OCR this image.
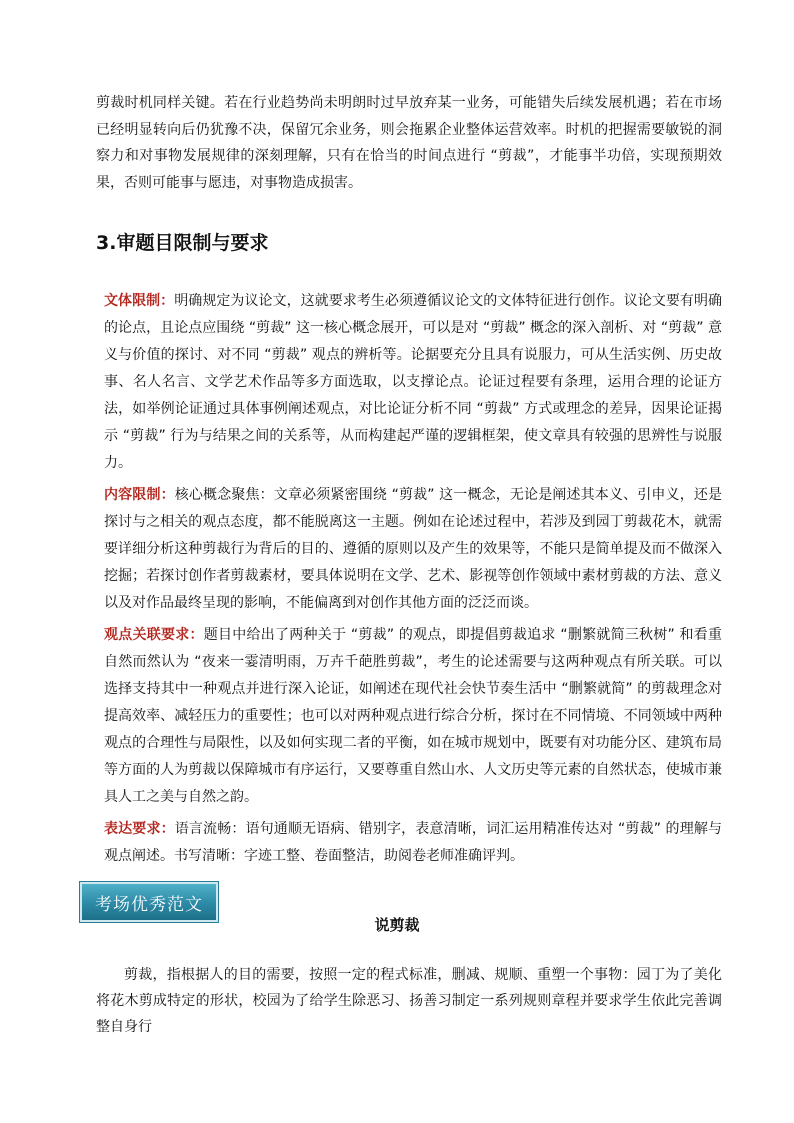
剪裁时机同样关键。若在行业趋势尚未明朗时过早放弃某一业务，可能错失后续发展机遇；若在市场已经明显转向后仍犹豫不决，保留冗余业务，则会拖累企业整体运营效率。时机的把握需要敏锐的洞察力和对事物发展规律的深刻理解，只有在恰当的时间点进行 “剪裁”，才能事半功倍，实现预期效果，否则可能事与愿违，对事物造成损害。

3.审题目限制与要求

文体限制：明确规定为议论文，这就要求考生必须遵循议论文的文体特征进行创作。议论文要有明确的论点，且论点应围绕 “剪裁” 这一核心概念展开，可以是对 “剪裁” 概念的深入剖析、对 “剪裁” 意义与价值的探讨、对不同 “剪裁” 观点的辨析等。论据要充分且具有说服力，可从生活实例、历史故事、名人名言、文学艺术作品等多方面选取，以支撑论点。论证过程要有条理，运用合理的论证方法，如举例论证通过具体事例阐述观点，对比论证分析不同 “剪裁” 方式或理念的差异，因果论证揭示 “剪裁” 行为与结果之间的关系等，从而构建起严谨的逻辑框架，使文章具有较强的思辨性与说服力。

内容限制：核心概念聚焦：文章必须紧密围绕 “剪裁” 这一概念，无论是阐述其本义、引申义，还是探讨与之相关的观点态度，都不能脱离这一主题。例如在论述过程中，若涉及到园丁剪裁花木，就需要详细分析这种剪裁行为背后的目的、遵循的原则以及产生的效果等，不能只是简单提及而不做深入挖掘；若探讨创作者剪裁素材，要具体说明在文学、艺术、影视等创作领域中素材剪裁的方法、意义以及对作品最终呈现的影响，不能偏离到对创作其他方面的泛泛而谈。

观点关联要求：题目中给出了两种关于 “剪裁” 的观点，即提倡剪裁追求 “删繁就简三秋树” 和看重自然而然认为 “夜来一霎清明雨，万卉千葩胜剪裁”，考生的论述需要与这两种观点有所关联。可以选择支持其中一种观点并进行深入论证，如阐述在现代社会快节奏生活中 “删繁就简” 的剪裁理念对提高效率、减轻压力的重要性；也可以对两种观点进行综合分析，探讨在不同情境、不同领域中两种观点的合理性与局限性，以及如何实现二者的平衡，如在城市规划中，既要有对功能分区、建筑布局等方面的人为剪裁以保障城市有序运行，又要尊重自然山水、人文历史等元素的自然状态，使城市兼具人工之美与自然之韵。

表达要求：语言流畅：语句通顺无语病、错别字，表意清晰，词汇运用精准传达对 “剪裁” 的理解与观点阐述。书写清晰：字迹工整、卷面整洁，助阅卷老师准确评判。

考场优秀范文
说剪裁

剪裁，指根据人的目的需要，按照一定的程式标准，删减、规顺、重塑一个事物：园丁为了美化将花木剪成特定的形状，校园为了给学生除恶习、扬善习制定一系列规则章程并要求学生依此完善调整自身行
